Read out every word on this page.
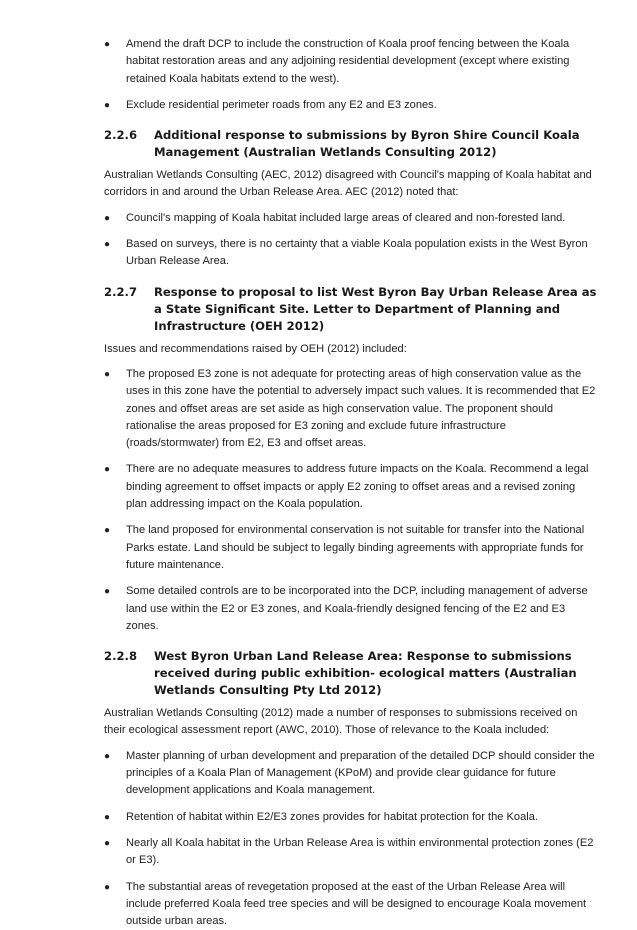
● Amend the draft DCP to include the construction of Koala proof fencing between the Koala habitat restoration areas and any adjoining residential development (except where existing retained Koala habitats extend to the west).
● Exclude residential perimeter roads from any E2 and E3 zones.
2.2.6	Additional response to submissions by Byron Shire Council Koala Management (Australian Wetlands Consulting 2012)

Australian Wetlands Consulting (AEC, 2012) disagreed with Council's mapping of Koala habitat and corridors in and around the Urban Release Area. AEC (2012) noted that:

● Council's mapping of Koala habitat included large areas of cleared and non-forested land.
● Based on surveys, there is no certainty that a viable Koala population exists in the West Byron Urban Release Area.
2.2.7	Response to proposal to list West Byron Bay Urban Release Area as a State Significant Site. Letter to Department of Planning and Infrastructure (OEH 2012)

Issues and recommendations raised by OEH (2012) included:

● The proposed E3 zone is not adequate for protecting areas of high conservation value as the uses in this zone have the potential to adversely impact such values. It is recommended that E2 zones and offset areas are set aside as high conservation value. The proponent should rationalise the areas proposed for E3 zoning and exclude future infrastructure (roads/stormwater) from E2, E3 and offset areas.
● There are no adequate measures to address future impacts on the Koala. Recommend a legal binding agreement to offset impacts or apply E2 zoning to offset areas and a revised zoning plan addressing impact on the Koala population.
● The land proposed for environmental conservation is not suitable for transfer into the National Parks estate. Land should be subject to legally binding agreements with appropriate funds for future maintenance.
● Some detailed controls are to be incorporated into the DCP, including management of adverse land use within the E2 or E3 zones, and Koala-friendly designed fencing of the E2 and E3 zones.
2.2.8	West Byron Urban Land Release Area: Response to submissions received during public exhibition- ecological matters (Australian Wetlands Consulting Pty Ltd 2012)

Australian Wetlands Consulting (2012) made a number of responses to submissions received on their ecological assessment report (AWC, 2010). Those of relevance to the Koala included:

● Master planning of urban development and preparation of the detailed DCP should consider the principles of a Koala Plan of Management (KPoM) and provide clear guidance for future development applications and Koala management.
● Retention of habitat within E2/E3 zones provides for habitat protection for the Koala.
● Nearly all Koala habitat in the Urban Release Area is within environmental protection zones (E2 or E3).
● The substantial areas of revegetation proposed at the east of the Urban Release Area will include preferred Koala feed tree species and will be designed to encourage Koala movement outside urban areas.
